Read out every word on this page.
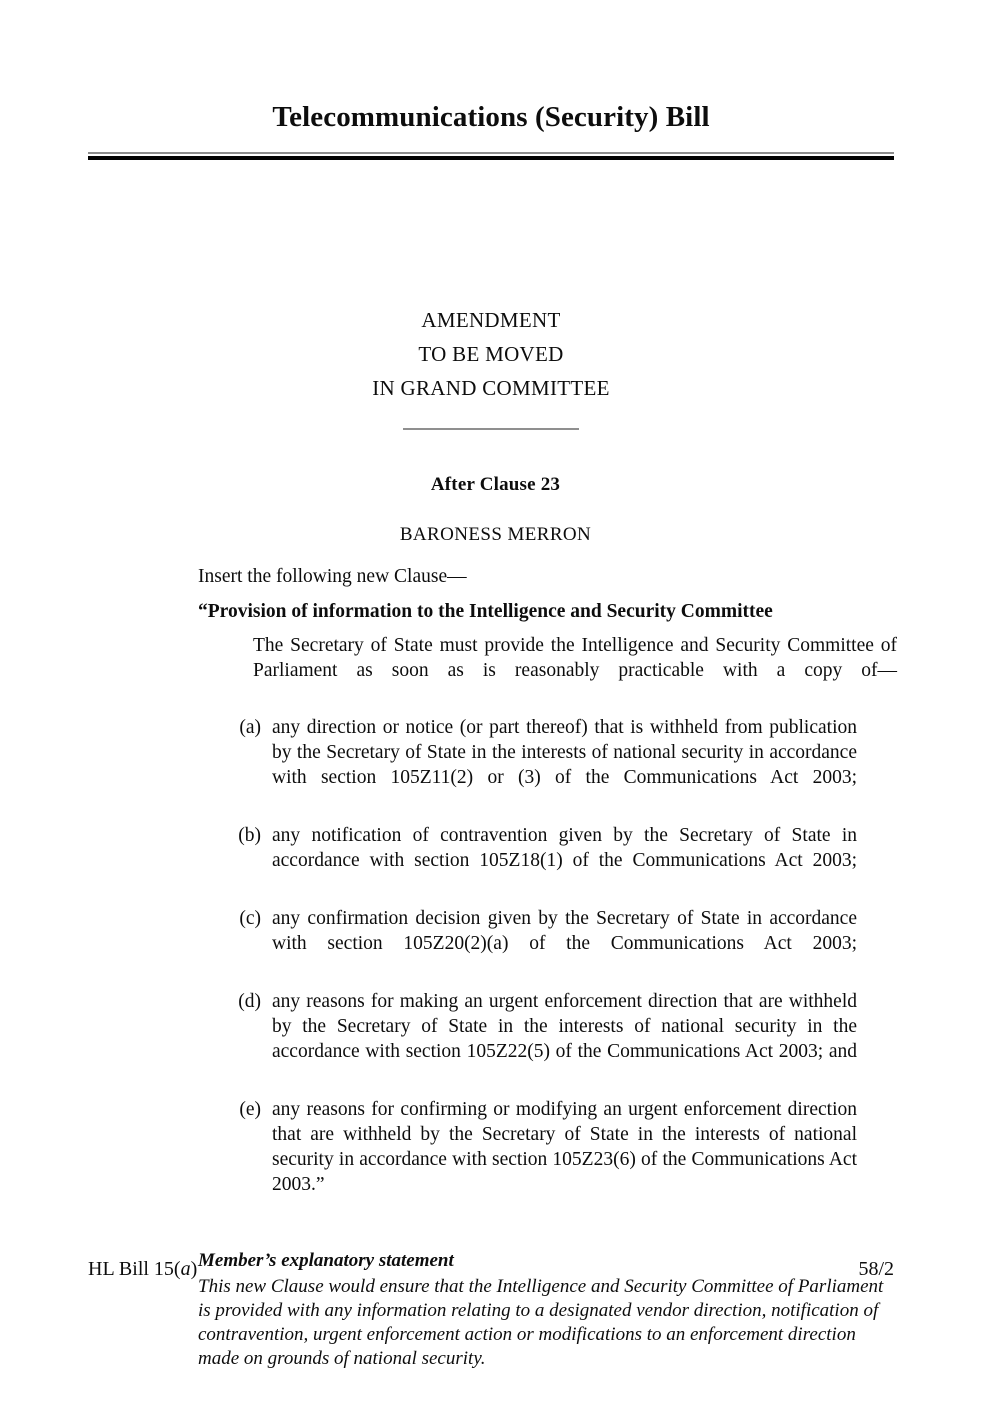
Telecommunications (Security) Bill
AMENDMENT
TO BE MOVED
IN GRAND COMMITTEE
After Clause 23
BARONESS MERRON

Insert the following new Clause—

“Provision of information to the Intelligence and Security Committee

The Secretary of State must provide the Intelligence and Security Committee of Parliament as soon as is reasonably practicable with a copy of—

(a) any direction or notice (or part thereof) that is withheld from publication by the Secretary of State in the interests of national security in accordance with section 105Z11(2) or (3) of the Communications Act 2003;
(b) any notification of contravention given by the Secretary of State in accordance with section 105Z18(1) of the Communications Act 2003;
(c) any confirmation decision given by the Secretary of State in accordance with section 105Z20(2)(a) of the Communications Act 2003;
(d) any reasons for making an urgent enforcement direction that are withheld by the Secretary of State in the interests of national security in the accordance with section 105Z22(5) of the Communications Act 2003; and
(e) any reasons for confirming or modifying an urgent enforcement direction that are withheld by the Secretary of State in the interests of national security in accordance with section 105Z23(6) of the Communications Act 2003.”

Member’s explanatory statement

This new Clause would ensure that the Intelligence and Security Committee of Parliament is provided with any information relating to a designated vendor direction, notification of contravention, urgent enforcement action or modifications to an enforcement direction made on grounds of national security.

HL Bill 15(a)	58/2
